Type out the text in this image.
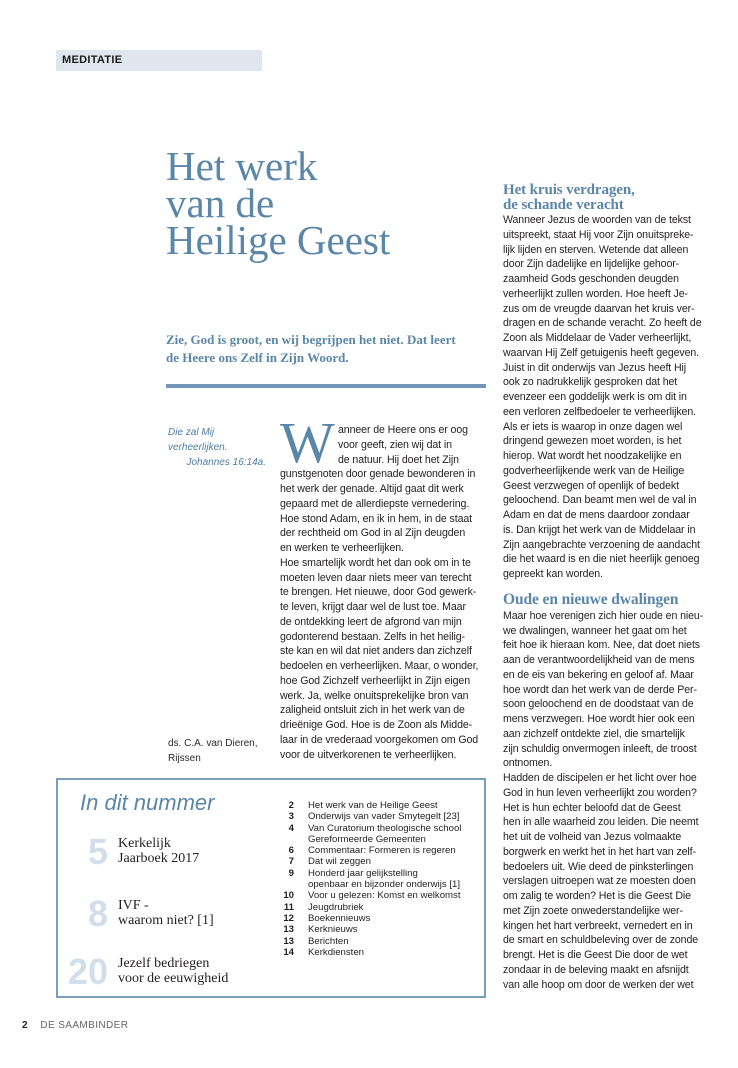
MEDITATIE
Het werk
van de
Heilige Geest

Zie, God is groot, en wij begrijpen het niet. Dat leert
de Heere ons Zelf in Zijn Woord.

Die zal Mij
verheerlijken.
Johannes 16:14a.
ds. C.A. van Dieren,
Rijssen
W anneer de Heere ons er oog
voor geeft, zien wij dat in
de natuur. Hij doet het Zijn
gunstgenoten door genade bewonderen in
het werk der genade. Altijd gaat dit werk
gepaard met de allerdiepste vernedering.
Hoe stond Adam, en ik in hem, in de staat
der rechtheid om God in al Zijn deugden
en werken te verheerlijken.
Hoe smartelijk wordt het dan ook om in te
moeten leven daar niets meer van terecht
te brengen. Het nieuwe, door God gewerk-
te leven, krijgt daar wel de lust toe. Maar
de ontdekking leert de afgrond van mijn
godonterend bestaan. Zelfs in het heilig-
ste kan en wil dat niet anders dan zichzelf
bedoelen en verheerlijken. Maar, o wonder,
hoe God Zichzelf verheerlijkt in Zijn eigen
werk. Ja, welke onuitsprekelijke bron van
zaligheid ontsluit zich in het werk van de
drieënige God. Hoe is de Zoon als Midde-
laar in de vrederaad voorgekomen om God
voor de uitverkorenen te verheerlijken.
Het kruis verdragen,
de schande veracht
Wanneer Jezus de woorden van de tekst
uitspreekt, staat Hij voor Zijn onuitspreke-
lijk lijden en sterven. Wetende dat alleen
door Zijn dadelijke en lijdelijke gehoor-
zaamheid Gods geschonden deugden
verheerlijkt zullen worden. Hoe heeft Je-
zus om de vreugde daarvan het kruis ver-
dragen en de schande veracht. Zo heeft de
Zoon als Middelaar de Vader verheerlijkt,
waarvan Hij Zelf getuigenis heeft gegeven.
Juist in dit onderwijs van Jezus heeft Hij
ook zo nadrukkelijk gesproken dat het
evenzeer een goddelijk werk is om dit in
een verloren zelfbedoeler te verheerlijken.
Als er iets is waarop in onze dagen wel
dringend gewezen moet worden, is het
hierop. Wat wordt het noodzakelijke en
godverheerlijkende werk van de Heilige
Geest verzwegen of openlijk of bedekt
geloochend. Dan beamt men wel de val in
Adam en dat de mens daardoor zondaar
is. Dan krijgt het werk van de Middelaar in
Zijn aangebrachte verzoening de aandacht
die het waard is en die niet heerlijk genoeg
gepreekt kan worden.
Oude en nieuwe dwalingen
Maar hoe verenigen zich hier oude en nieu-
we dwalingen, wanneer het gaat om het
feit hoe ik hieraan kom. Nee, dat doet niets
aan de verantwoordelijkheid van de mens
en de eis van bekering en geloof af. Maar
hoe wordt dan het werk van de derde Per-
soon geloochend en de doodstaat van de
mens verzwegen. Hoe wordt hier ook een
aan zichzelf ontdekte ziel, die smartelijk
zijn schuldig onvermogen inleeft, de troost
ontnomen.
Hadden de discipelen er het licht over hoe
God in hun leven verheerlijkt zou worden?
Het is hun echter beloofd dat de Geest
hen in alle waarheid zou leiden. Die neemt
het uit de volheid van Jezus volmaakte
borgwerk en werkt het in het hart van zelf-
bedoelers uit. Wie deed de pinksterlingen
verslagen uitroepen wat ze moesten doen
om zalig te worden? Het is die Geest Die
met Zijn zoete onwederstandelijke wer-
kingen het hart verbreekt, vernedert en in
de smart en schuldbeleving over de zonde
brengt. Het is die Geest Die door de wet
zondaar in de beleving maakt en afsnijdt
van alle hoop om door de werken der wet
In dit nummer
5 Kerkelijk
Jaarboek 2017
8 IVF -
waarom niet? [1]
20 Jezelf bedriegen
voor de eeuwigheid
2 Het werk van de Heilige Geest
3 Onderwijs van vader Smytegelt [23]
4 Van Curatorium theologische school
Gereformeerde Gemeenten
6 Commentaar: Formeren is regeren
7 Dat wil zeggen
9 Honderd jaar gelijkstelling
openbaar en bijzonder onderwijs [1]
10 Voor u gelezen: Komst en welkomst
11 Jeugdrubriek
12 Boekennieuws
13 Kerknieuws
13 Berichten
14 Kerkdiensten
2 DE SAAMBINDER
